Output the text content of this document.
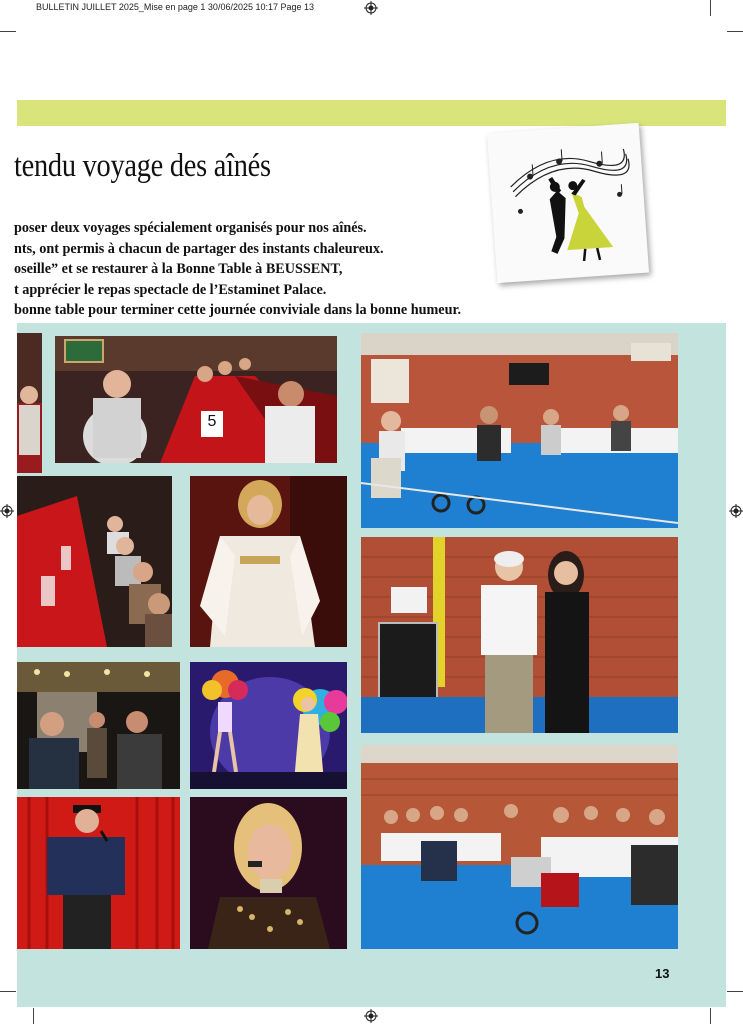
BULLETIN JUILLET 2025_Mise en page 1 30/06/2025 10:17 Page 13
tendu voyage des aînés
poser deux voyages spécialement organisés pour nos aînés.
nts, ont permis à chacun de partager des instants chaleureux.
oseille” et se restaurer à la Bonne Table à BEUSSENT,
t apprécier le repas spectacle de l’Estaminet Palace.
bonne table pour terminer cette journée conviviale dans la bonne humeur.
5
13
